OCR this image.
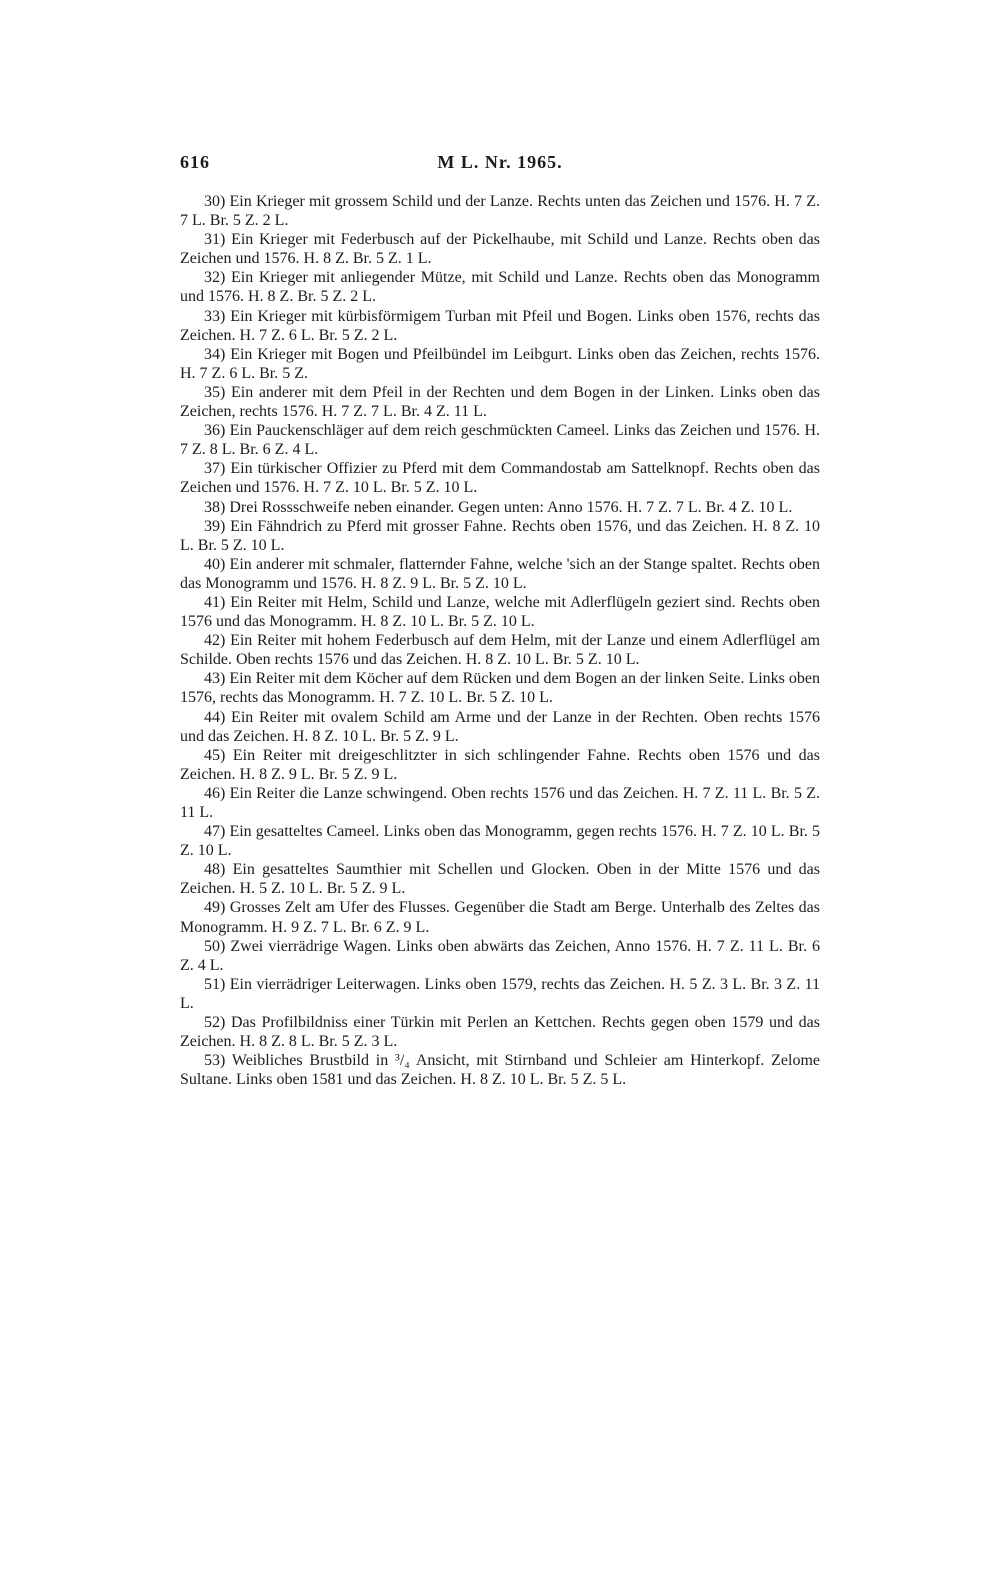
616	M L. Nr. 1965.

30) Ein Krieger mit grossem Schild und der Lanze. Rechts unten das Zeichen und 1576. H. 7 Z. 7 L. Br. 5 Z. 2 L.

31) Ein Krieger mit Federbusch auf der Pickelhaube, mit Schild und Lanze. Rechts oben das Zeichen und 1576. H. 8 Z. Br. 5 Z. 1 L.

32) Ein Krieger mit anliegender Mütze, mit Schild und Lanze. Rechts oben das Monogramm und 1576. H. 8 Z. Br. 5 Z. 2 L.

33) Ein Krieger mit kürbisförmigem Turban mit Pfeil und Bogen. Links oben 1576, rechts das Zeichen. H. 7 Z. 6 L. Br. 5 Z. 2 L.

34) Ein Krieger mit Bogen und Pfeilbündel im Leibgurt. Links oben das Zeichen, rechts 1576. H. 7 Z. 6 L. Br. 5 Z.

35) Ein anderer mit dem Pfeil in der Rechten und dem Bogen in der Linken. Links oben das Zeichen, rechts 1576. H. 7 Z. 7 L. Br. 4 Z. 11 L.

36) Ein Pauckenschläger auf dem reich geschmückten Cameel. Links das Zeichen und 1576. H. 7 Z. 8 L. Br. 6 Z. 4 L.

37) Ein türkischer Offizier zu Pferd mit dem Commandostab am Sattelknopf. Rechts oben das Zeichen und 1576. H. 7 Z. 10 L. Br. 5 Z. 10 L.

38) Drei Rossschweife neben einander. Gegen unten: Anno 1576. H. 7 Z. 7 L. Br. 4 Z. 10 L.

39) Ein Fähndrich zu Pferd mit grosser Fahne. Rechts oben 1576, und das Zeichen. H. 8 Z. 10 L. Br. 5 Z. 10 L.

40) Ein anderer mit schmaler, flatternder Fahne, welche 'sich an der Stange spaltet. Rechts oben das Monogramm und 1576. H. 8 Z. 9 L. Br. 5 Z. 10 L.

41) Ein Reiter mit Helm, Schild und Lanze, welche mit Adlerflügeln geziert sind. Rechts oben 1576 und das Monogramm. H. 8 Z. 10 L. Br. 5 Z. 10 L.

42) Ein Reiter mit hohem Federbusch auf dem Helm, mit der Lanze und einem Adlerflügel am Schilde. Oben rechts 1576 und das Zeichen. H. 8 Z. 10 L. Br. 5 Z. 10 L.

43) Ein Reiter mit dem Köcher auf dem Rücken und dem Bogen an der linken Seite. Links oben 1576, rechts das Monogramm. H. 7 Z. 10 L. Br. 5 Z. 10 L.

44) Ein Reiter mit ovalem Schild am Arme und der Lanze in der Rechten. Oben rechts 1576 und das Zeichen. H. 8 Z. 10 L. Br. 5 Z. 9 L.

45) Ein Reiter mit dreigeschlitzter in sich schlingender Fahne. Rechts oben 1576 und das Zeichen. H. 8 Z. 9 L. Br. 5 Z. 9 L.

46) Ein Reiter die Lanze schwingend. Oben rechts 1576 und das Zeichen. H. 7 Z. 11 L. Br. 5 Z. 11 L.

47) Ein gesatteltes Cameel. Links oben das Monogramm, gegen rechts 1576. H. 7 Z. 10 L. Br. 5 Z. 10 L.

48) Ein gesatteltes Saumthier mit Schellen und Glocken. Oben in der Mitte 1576 und das Zeichen. H. 5 Z. 10 L. Br. 5 Z. 9 L.

49) Grosses Zelt am Ufer des Flusses. Gegenüber die Stadt am Berge. Unterhalb des Zeltes das Monogramm. H. 9 Z. 7 L. Br. 6 Z. 9 L.

50) Zwei vierrädrige Wagen. Links oben abwärts das Zeichen, Anno 1576. H. 7 Z. 11 L. Br. 6 Z. 4 L.

51) Ein vierrädriger Leiterwagen. Links oben 1579, rechts das Zeichen. H. 5 Z. 3 L. Br. 3 Z. 11 L.

52) Das Profilbildniss einer Türkin mit Perlen an Kettchen. Rechts gegen oben 1579 und das Zeichen. H. 8 Z. 8 L. Br. 5 Z. 3 L.

53) Weibliches Brustbild in ³/₄ Ansicht, mit Stirnband und Schleier am Hinterkopf. Zelome Sultane. Links oben 1581 und das Zeichen. H. 8 Z. 10 L. Br. 5 Z. 5 L.
